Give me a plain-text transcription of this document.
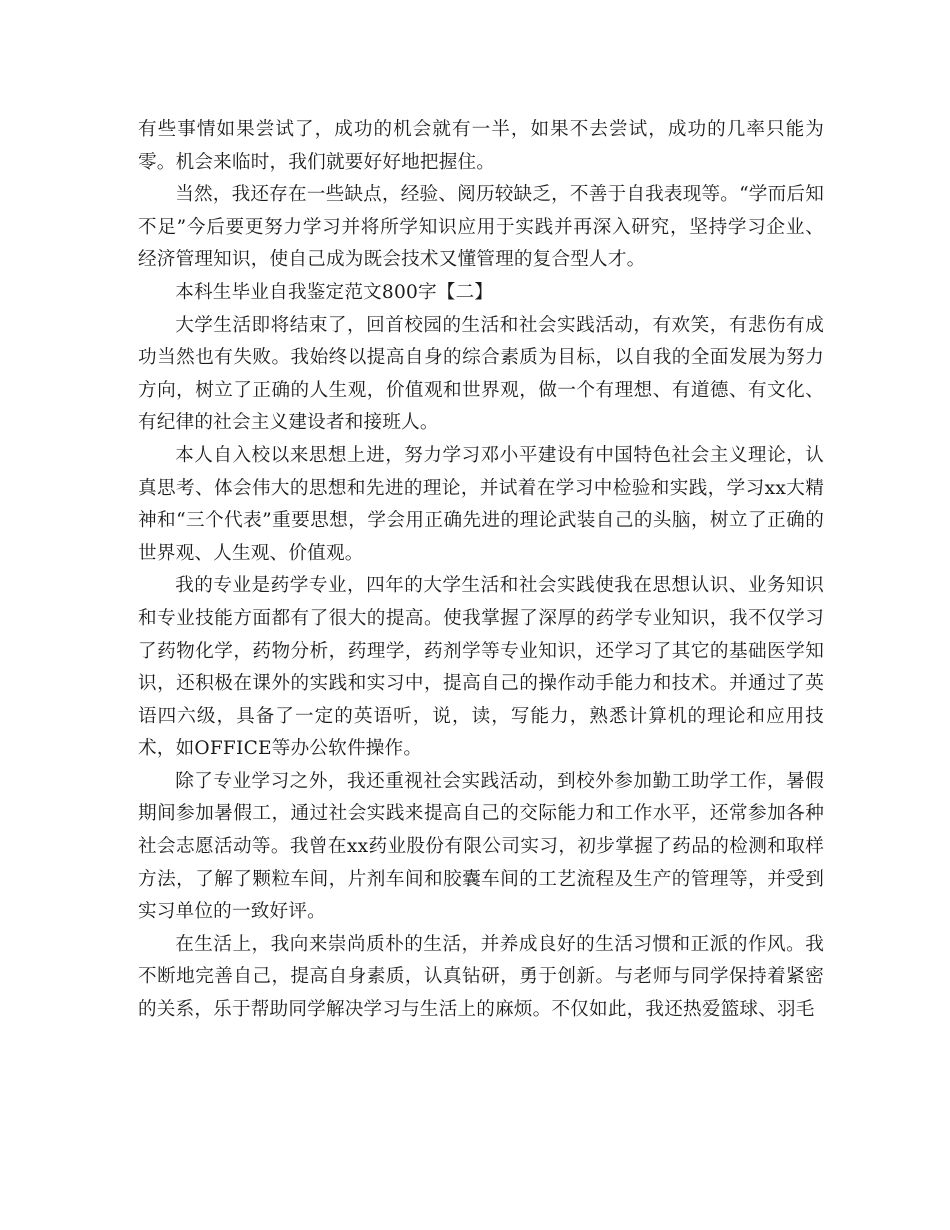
有些事情如果尝试了，成功的机会就有一半，如果不去尝试，成功的几率只能为零。机会来临时，我们就要好好地把握住。

当然，我还存在一些缺点，经验、阅历较缺乏，不善于自我表现等。“学而后知不足”今后要更努力学习并将所学知识应用于实践并再深入研究，坚持学习企业、经济管理知识，使自己成为既会技术又懂管理的复合型人才。

本科生毕业自我鉴定范文800字【二】

大学生活即将结束了，回首校园的生活和社会实践活动，有欢笑，有悲伤有成功当然也有失败。我始终以提高自身的综合素质为目标，以自我的全面发展为努力方向，树立了正确的人生观，价值观和世界观，做一个有理想、有道德、有文化、有纪律的社会主义建设者和接班人。

本人自入校以来思想上进，努力学习邓小平建设有中国特色社会主义理论，认真思考、体会伟大的思想和先进的理论，并试着在学习中检验和实践，学习xx大精神和“三个代表”重要思想，学会用正确先进的理论武装自己的头脑，树立了正确的世界观、人生观、价值观。

我的专业是药学专业，四年的大学生活和社会实践使我在思想认识、业务知识和专业技能方面都有了很大的提高。使我掌握了深厚的药学专业知识，我不仅学习了药物化学，药物分析，药理学，药剂学等专业知识，还学习了其它的基础医学知识，还积极在课外的实践和实习中，提高自己的操作动手能力和技术。并通过了英语四六级，具备了一定的英语听，说，读，写能力，熟悉计算机的理论和应用技术，如OFFICE等办公软件操作。

除了专业学习之外，我还重视社会实践活动，到校外参加勤工助学工作，暑假期间参加暑假工，通过社会实践来提高自己的交际能力和工作水平，还常参加各种社会志愿活动等。我曾在xx药业股份有限公司实习，初步掌握了药品的检测和取样方法，了解了颗粒车间，片剂车间和胶囊车间的工艺流程及生产的管理等，并受到实习单位的一致好评。

在生活上，我向来崇尚质朴的生活，并养成良好的生活习惯和正派的作风。我不断地完善自己，提高自身素质，认真钻研，勇于创新。与老师与同学保持着紧密的关系，乐于帮助同学解决学习与生活上的麻烦。不仅如此，我还热爱篮球、羽毛
